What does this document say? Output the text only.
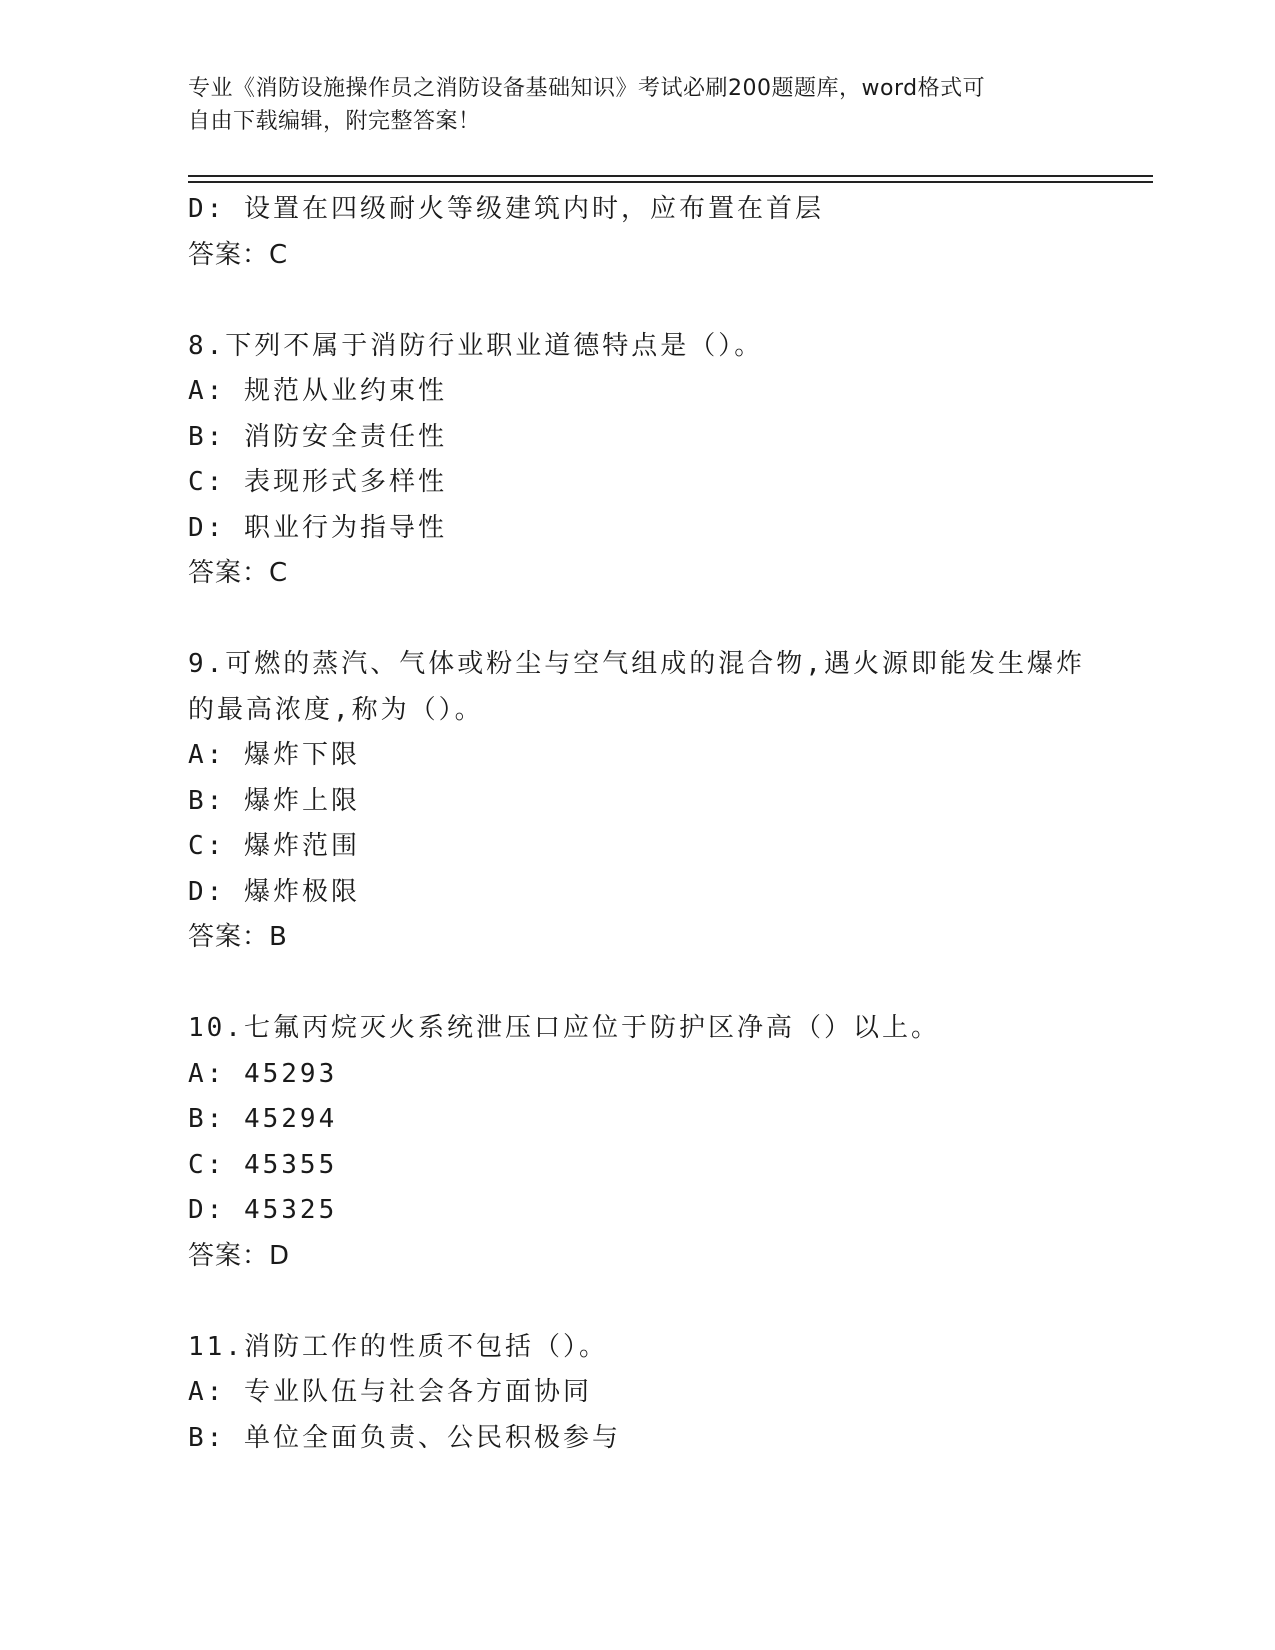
专业《消防设施操作员之消防设备基础知识》考试必刷200题题库，word格式可
自由下载编辑，附完整答案！
D: 设置在四级耐火等级建筑内时，应布置在首层
答案：C
8.下列不属于消防行业职业道德特点是（）。
A: 规范从业约束性
B: 消防安全责任性
C: 表现形式多样性
D: 职业行为指导性
答案：C
9.可燃的蒸汽、气体或粉尘与空气组成的混合物,遇火源即能发生爆炸
的最高浓度,称为（）。
A: 爆炸下限
B: 爆炸上限
C: 爆炸范围
D: 爆炸极限
答案：B
10.七氟丙烷灭火系统泄压口应位于防护区净高（）以上。
A: 45293
B: 45294
C: 45355
D: 45325
答案：D
11.消防工作的性质不包括（）。
A: 专业队伍与社会各方面协同
B: 单位全面负责、公民积极参与
